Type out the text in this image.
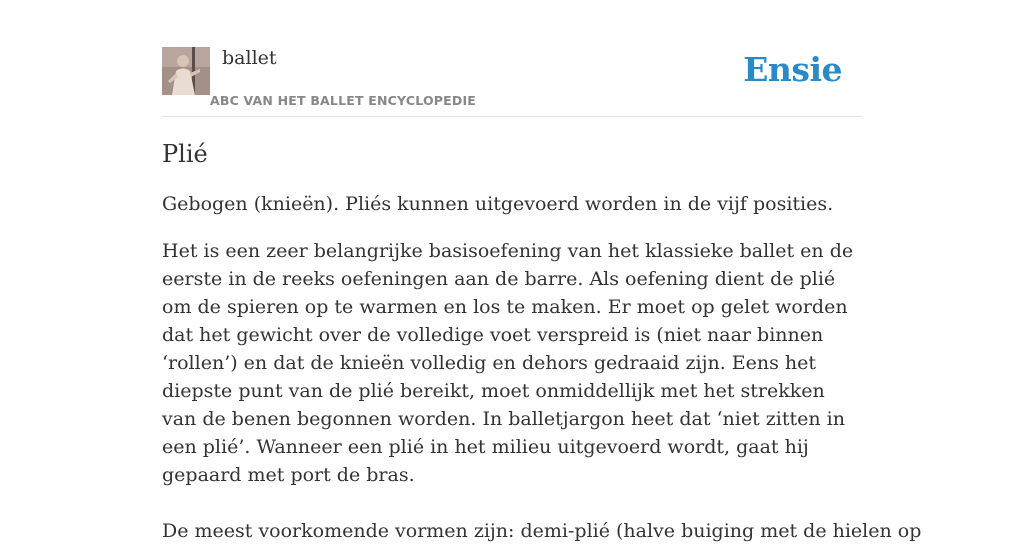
ballet
ABC VAN HET BALLET ENCYCLOPEDIE
Ensie
Plié

Gebogen (knieën). Pliés kunnen uitgevoerd worden in de vijf posities.

Het is een zeer belangrijke basisoefening van het klassieke ballet en de eerste in de reeks oefeningen aan de barre. Als oefening dient de plié om de spieren op te warmen en los te maken. Er moet op gelet worden dat het gewicht over de volledige voet verspreid is (niet naar binnen ‘rollen’) en dat de knieën volledig en dehors gedraaid zijn. Eens het diepste punt van de plié bereikt, moet onmiddellijk met het strekken van de benen begonnen worden. In balletjargon heet dat ‘niet zitten in een plié’. Wanneer een plié in het milieu uitgevoerd wordt, gaat hij gepaard met port de bras.

De meest voorkomende vormen zijn: demi-plié (halve buiging met de hielen op
